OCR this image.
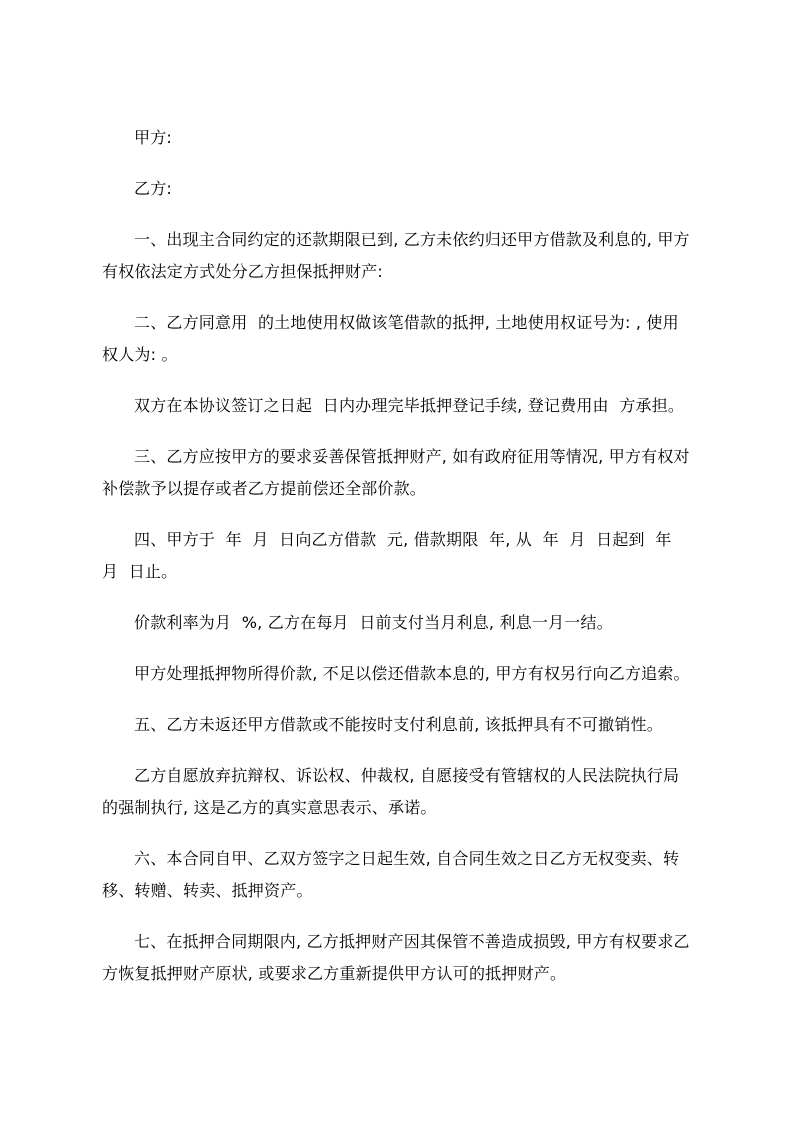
甲方:

乙方:

一、出现主合同约定的还款期限已到, 乙方未依约归还甲方借款及利息的, 甲方有权依法定方式处分乙方担保抵押财产:

二、乙方同意用  的土地使用权做该笔借款的抵押, 土地使用权证号为: , 使用权人为: 。

双方在本协议签订之日起  日内办理完毕抵押登记手续, 登记费用由  方承担。

三、乙方应按甲方的要求妥善保管抵押财产, 如有政府征用等情况, 甲方有权对补偿款予以提存或者乙方提前偿还全部价款。

四、甲方于  年  月  日向乙方借款  元, 借款期限  年, 从  年  月  日起到  年  月  日止。

价款利率为月  %, 乙方在每月  日前支付当月利息, 利息一月一结。

甲方处理抵押物所得价款, 不足以偿还借款本息的, 甲方有权另行向乙方追索。

五、乙方未返还甲方借款或不能按时支付利息前, 该抵押具有不可撤销性。

乙方自愿放弃抗辩权、诉讼权、仲裁权, 自愿接受有管辖权的人民法院执行局的强制执行, 这是乙方的真实意思表示、承诺。

六、本合同自甲、乙双方签字之日起生效, 自合同生效之日乙方无权变卖、转移、转赠、转卖、抵押资产。

七、在抵押合同期限内, 乙方抵押财产因其保管不善造成损毁, 甲方有权要求乙方恢复抵押财产原状, 或要求乙方重新提供甲方认可的抵押财产。
